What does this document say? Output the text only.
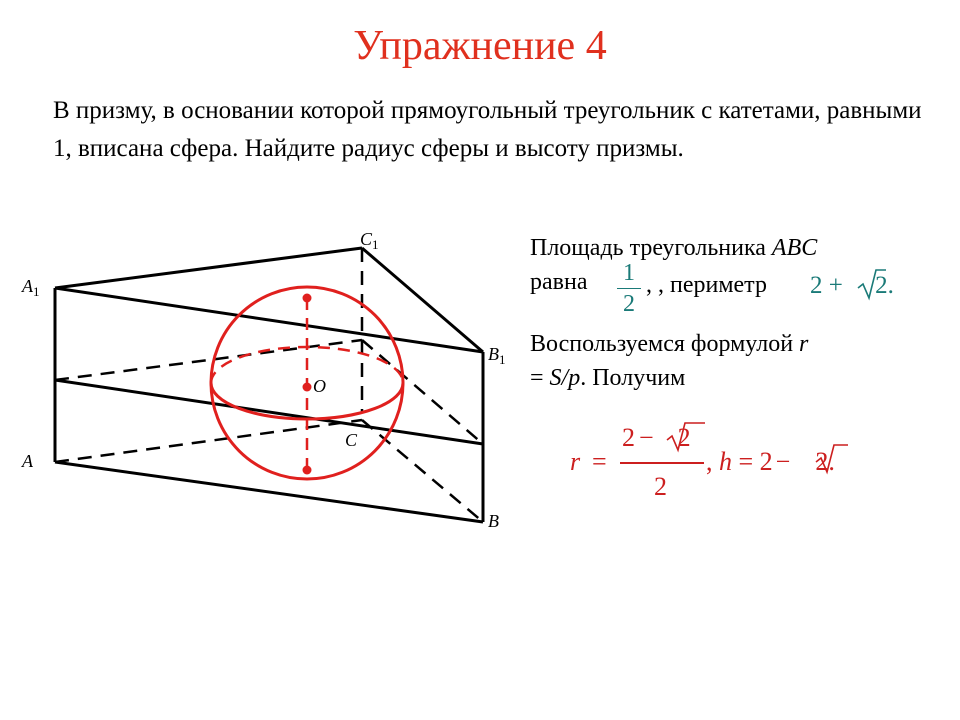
Упражнение 4
В призму, в основании которой прямоугольный треугольник с катетами, равными 1, вписана сфера. Найдите радиус сферы и высоту призмы.
$A_1$
$C_1$
$B_1$
A
B
C
O
Площадь треугольника ABC
равна	1
2
, , периметр 2 + 2.
Воспользуемся формулой r
= S/p. Получим
r =
2 − 2
2
, h = 2 − 2.
